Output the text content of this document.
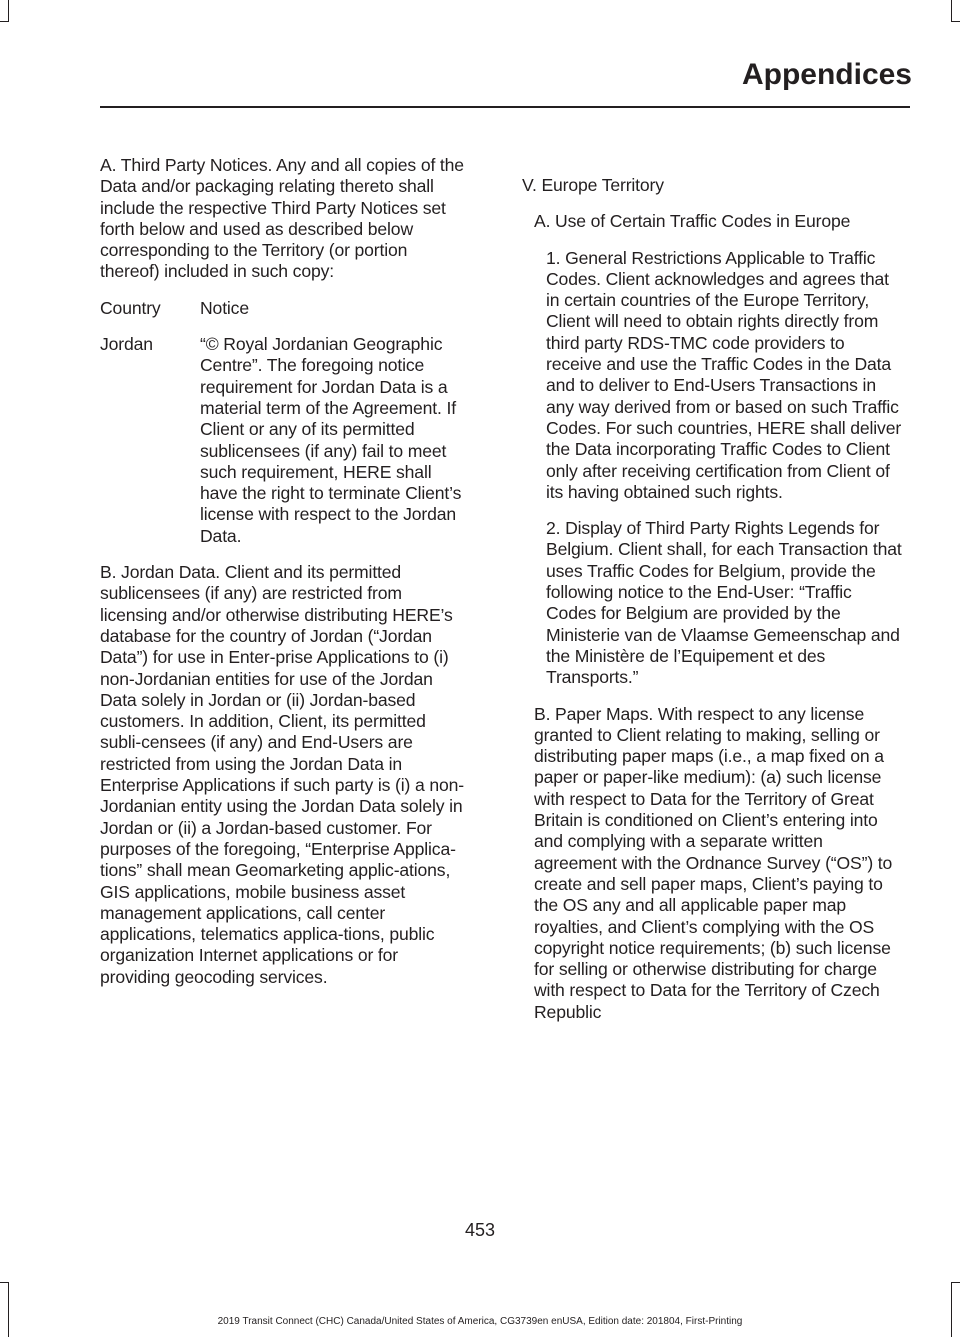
Appendices

A. Third Party Notices. Any and all copies of the Data and/or packaging relating thereto shall include the respective Third Party Notices set forth below and used as described below corresponding to the Territory (or portion thereof) included in such copy:

Country	Notice
Jordan	“© Royal Jordanian Geographic Centre”. The foregoing notice requirement for Jordan Data is a material term of the Agreement. If Client or any of its permitted sublicensees (if any) fail to meet such requirement, HERE shall have the right to terminate Client’s license with respect to the Jordan Data.

B. Jordan Data. Client and its permitted sublicensees (if any) are restricted from licensing and/or otherwise distributing HERE’s database for the country of Jordan (“Jordan Data”) for use in Enter-prise Applications to (i) non-Jordanian entities for use of the Jordan Data solely in Jordan or (ii) Jordan-based customers. In addition, Client, its permitted subli-censees (if any) and End-Users are restricted from using the Jordan Data in Enterprise Applications if such party is (i) a non-Jordanian entity using the Jordan Data solely in Jordan or (ii) a Jordan-based customer. For purposes of the foregoing, “Enterprise Applica-tions” shall mean Geomarketing applic-ations, GIS applications, mobile business asset management applications, call center applications, telematics applica-tions, public organization Internet applications or for providing geocoding services.

V. Europe Territory

A. Use of Certain Traffic Codes in Europe

1. General Restrictions Applicable to Traffic Codes. Client acknowledges and agrees that in certain countries of the Europe Territory, Client will need to obtain rights directly from third party RDS-TMC code providers to receive and use the Traffic Codes in the Data and to deliver to End-Users Transactions in any way derived from or based on such Traffic Codes. For such countries, HERE shall deliver the Data incorporating Traffic Codes to Client only after receiving certification from Client of its having obtained such rights.

2. Display of Third Party Rights Legends for Belgium. Client shall, for each Transaction that uses Traffic Codes for Belgium, provide the following notice to the End-User: “Traffic Codes for Belgium are provided by the Ministerie van de Vlaamse Gemeenschap and the Ministère de l’Equipement et des Transports.”

B. Paper Maps. With respect to any license granted to Client relating to making, selling or distributing paper maps (i.e., a map fixed on a paper or paper-like medium): (a) such license with respect to Data for the Territory of Great Britain is conditioned on Client’s entering into and complying with a separate written agreement with the Ordnance Survey (“OS”) to create and sell paper maps, Client’s paying to the OS any and all applicable paper map royalties, and Client’s complying with the OS copyright notice requirements; (b) such license for selling or otherwise distributing for charge with respect to Data for the Territory of Czech Republic

453
2019 Transit Connect (CHC) Canada/United States of America, CG3739en enUSA, Edition date: 201804, First-Printing
